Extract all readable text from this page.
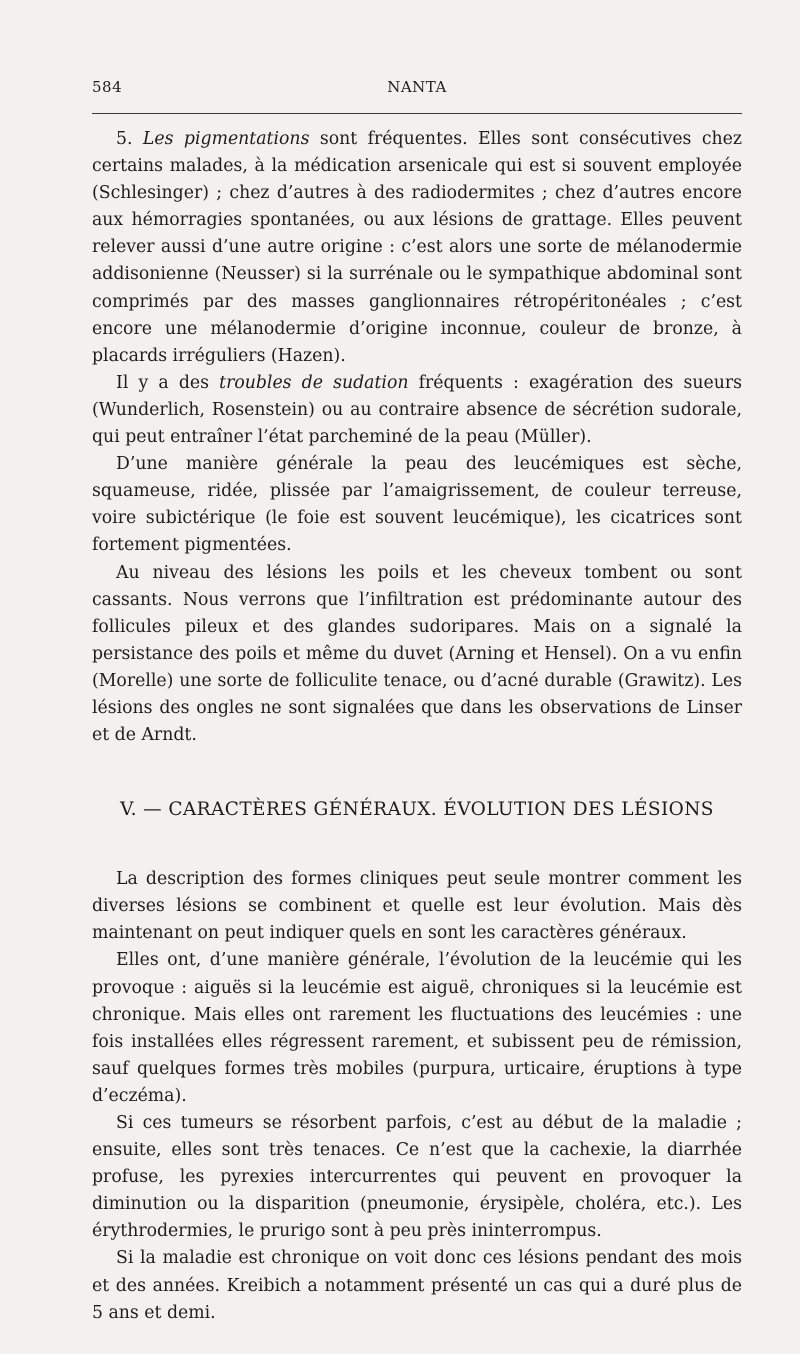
584	NANTA

5. Les pigmentations sont fréquentes. Elles sont consécutives chez certains malades, à la médication arsenicale qui est si souvent employée (Schlesinger) ; chez d’autres à des radiodermites ; chez d’autres encore aux hémorragies spontanées, ou aux lésions de grattage. Elles peuvent relever aussi d’une autre origine : c’est alors une sorte de mélanodermie addisonienne (Neusser) si la surrénale ou le sympathique abdominal sont comprimés par des masses ganglionnaires rétropéritonéales ; c’est encore une mélanodermie d’origine inconnue, couleur de bronze, à placards irréguliers (Hazen).

Il y a des troubles de sudation fréquents : exagération des sueurs (Wunderlich, Rosenstein) ou au contraire absence de sécrétion sudorale, qui peut entraîner l’état parcheminé de la peau (Müller).

D’une manière générale la peau des leucémiques est sèche, squameuse, ridée, plissée par l’amaigrissement, de couleur terreuse, voire subictérique (le foie est souvent leucémique), les cicatrices sont fortement pigmentées.

Au niveau des lésions les poils et les cheveux tombent ou sont cassants. Nous verrons que l’infiltration est prédominante autour des follicules pileux et des glandes sudoripares. Mais on a signalé la persistance des poils et même du duvet (Arning et Hensel). On a vu enfin (Morelle) une sorte de folliculite tenace, ou d’acné durable (Grawitz). Les lésions des ongles ne sont signalées que dans les observations de Linser et de Arndt.

V. — CARACTÈRES GÉNÉRAUX. ÉVOLUTION DES LÉSIONS

La description des formes cliniques peut seule montrer comment les diverses lésions se combinent et quelle est leur évolution. Mais dès maintenant on peut indiquer quels en sont les caractères généraux.

Elles ont, d’une manière générale, l’évolution de la leucémie qui les provoque : aiguës si la leucémie est aiguë, chroniques si la leucémie est chronique. Mais elles ont rarement les fluctuations des leucémies : une fois installées elles régressent rarement, et subissent peu de rémission, sauf quelques formes très mobiles (purpura, urticaire, éruptions à type d’eczéma).

Si ces tumeurs se résorbent parfois, c’est au début de la maladie ; ensuite, elles sont très tenaces. Ce n’est que la cachexie, la diarrhée profuse, les pyrexies intercurrentes qui peuvent en provoquer la diminution ou la disparition (pneumonie, érysipèle, choléra, etc.). Les érythrodermies, le prurigo sont à peu près ininterrompus.

Si la maladie est chronique on voit donc ces lésions pendant des mois et des années. Kreibich a notamment présenté un cas qui a duré plus de 5 ans et demi.
